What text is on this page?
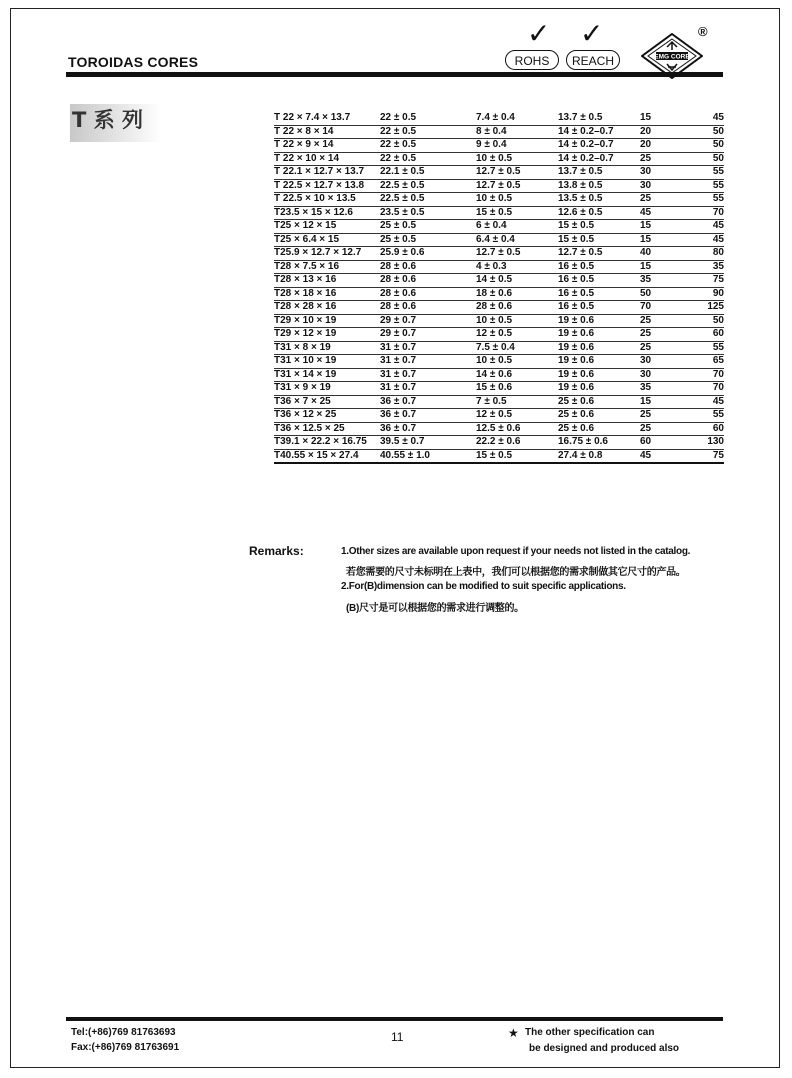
TOROIDAS CORES
✓ ✓
ROHS	REACH	EMG CORE
®
T 系 列	T 22 × 7.4 × 13.7	22 ± 0.5	7.4 ± 0.4	13.7 ± 0.5	15	45
T 22 × 8 × 14	22 ± 0.5	8 ± 0.4	14 ± 0.2–0.7	20	50
T 22 × 9 × 14	22 ± 0.5	9 ± 0.4	14 ± 0.2–0.7	20	50
T 22 × 10 × 14	22 ± 0.5	10 ± 0.5	14 ± 0.2–0.7	25	50
T 22.1 × 12.7 × 13.7	22.1 ± 0.5	12.7 ± 0.5	13.7 ± 0.5	30	55
T 22.5 × 12.7 × 13.8	22.5 ± 0.5	12.7 ± 0.5	13.8 ± 0.5	30	55
T 22.5 × 10 × 13.5	22.5 ± 0.5	10 ± 0.5	13.5 ± 0.5	25	55
T23.5 × 15 × 12.6	23.5 ± 0.5	15 ± 0.5	12.6 ± 0.5	45	70
T25 × 12 × 15	25 ± 0.5	6 ± 0.4	15 ± 0.5	15	45
T25 × 6.4 × 15	25 ± 0.5	6.4 ± 0.4	15 ± 0.5	15	45
T25.9 × 12.7 × 12.7	25.9 ± 0.6	12.7 ± 0.5	12.7 ± 0.5	40	80
T28 × 7.5 × 16	28 ± 0.6	4 ± 0.3	16 ± 0.5	15	35
T28 × 13 × 16	28 ± 0.6	14 ± 0.5	16 ± 0.5	35	75
T28 × 18 × 16	28 ± 0.6	18 ± 0.6	16 ± 0.5	50	90
T28 × 28 × 16	28 ± 0.6	28 ± 0.6	16 ± 0.5	70	125
T29 × 10 × 19	29 ± 0.7	10 ± 0.5	19 ± 0.6	25	50
T29 × 12 × 19	29 ± 0.7	12 ± 0.5	19 ± 0.6	25	60
T31 × 8 × 19	31 ± 0.7	7.5 ± 0.4	19 ± 0.6	25	55
T31 × 10 × 19	31 ± 0.7	10 ± 0.5	19 ± 0.6	30	65
T31 × 14 × 19	31 ± 0.7	14 ± 0.6	19 ± 0.6	30	70
T31 × 9 × 19	31 ± 0.7	15 ± 0.6	19 ± 0.6	35	70
T36 × 7 × 25	36 ± 0.7	7 ± 0.5	25 ± 0.6	15	45
T36 × 12 × 25	36 ± 0.7	12 ± 0.5	25 ± 0.6	25	55
T36 × 12.5 × 25	36 ± 0.7	12.5 ± 0.6	25 ± 0.6	25	60
T39.1 × 22.2 × 16.75	39.5 ± 0.7	22.2 ± 0.6	16.75 ± 0.6	60	130
T40.55 × 15 × 27.4	40.55 ± 1.0	15 ± 0.5	27.4 ± 0.8	45	75
Remarks:	1.Other sizes are available upon request if your needs not listed in the catalog.
若您需要的尺寸未标明在上表中，我们可以根据您的需求制做其它尺寸的产品。
2.For(B)dimension can be modified to suit specific applications.
(B)尺寸是可以根据您的需求进行调整的。
Tel:(+86)769 81763693
Fax:(+86)769 81763691
11	★ The other specification can
be designed and produced also
